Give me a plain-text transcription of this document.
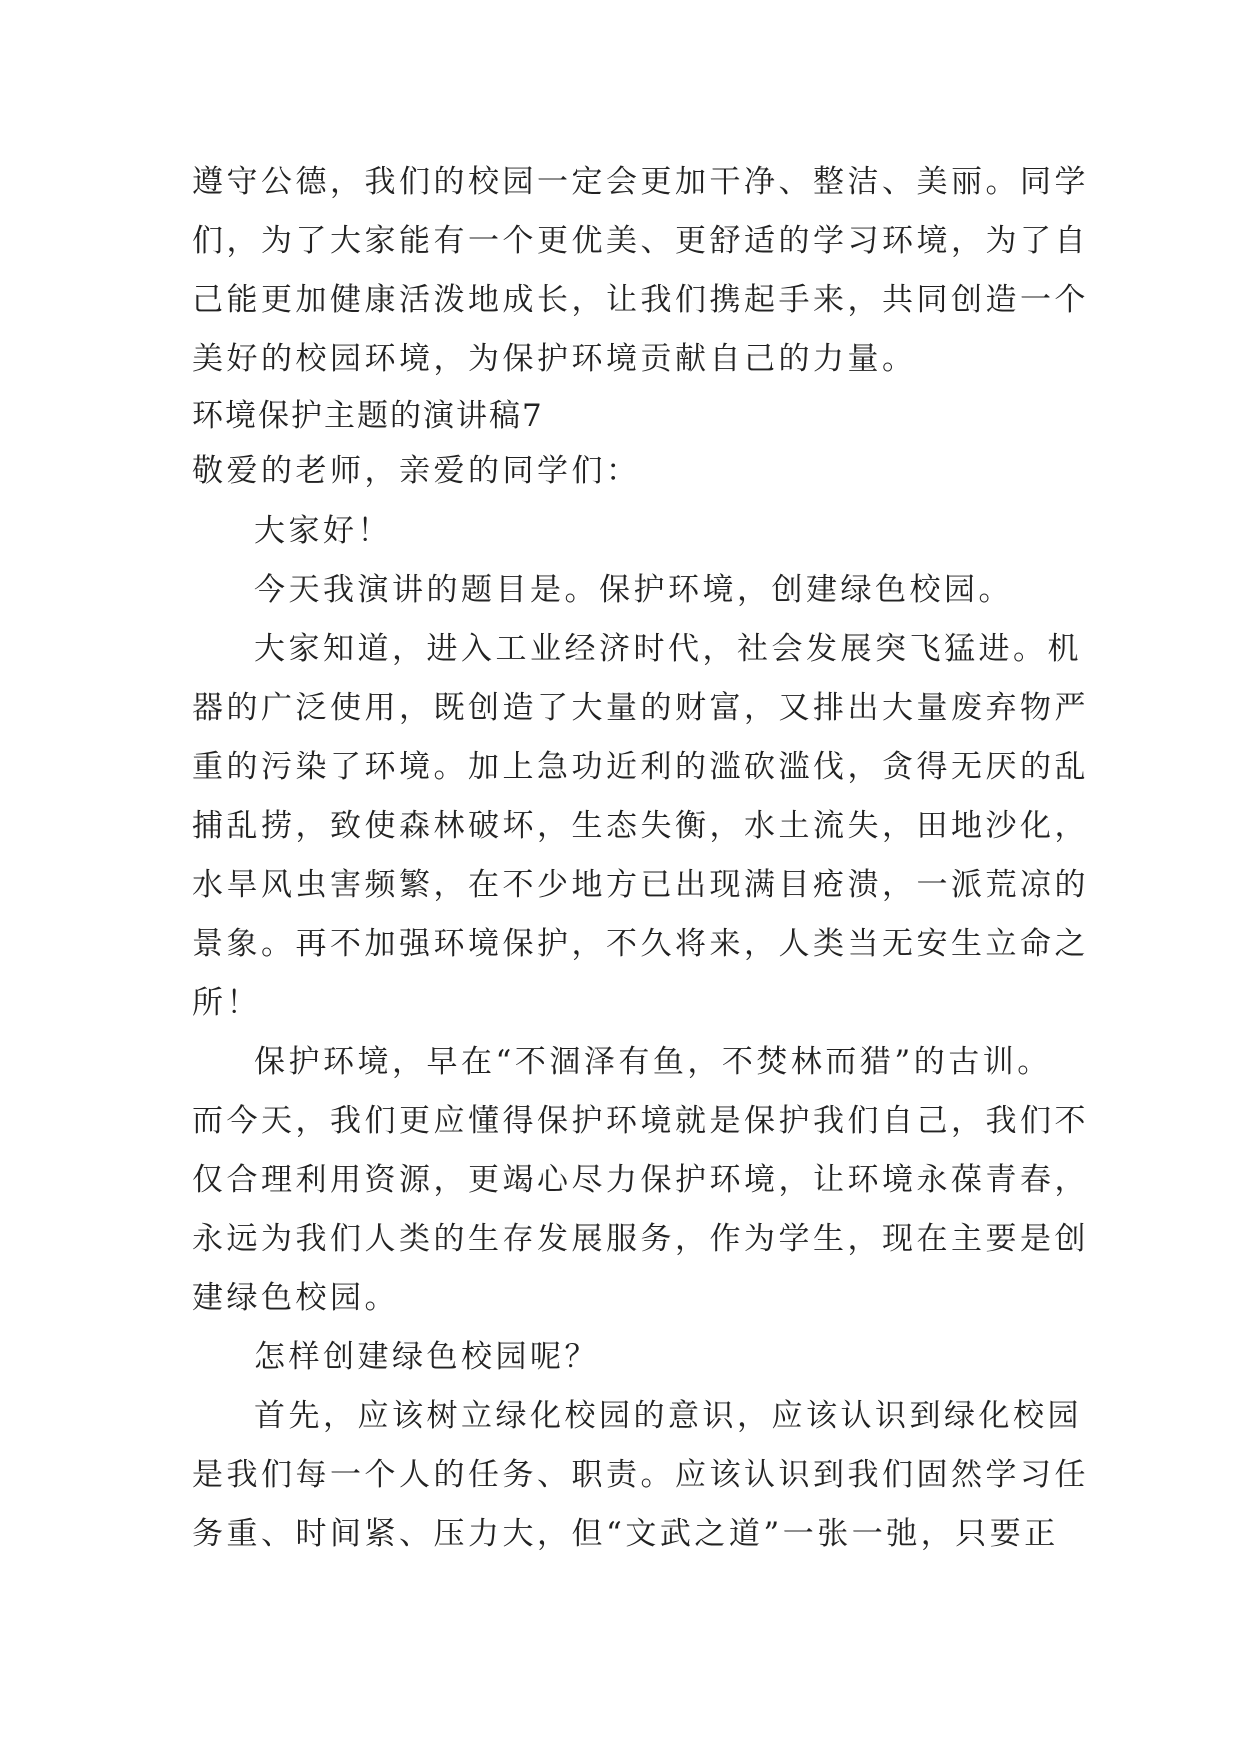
遵守公德，我们的校园一定会更加干净、整洁、美丽。同学
们，为了大家能有一个更优美、更舒适的学习环境，为了自
己能更加健康活泼地成长，让我们携起手来，共同创造一个
美好的校园环境，为保护环境贡献自己的力量。
环境保护主题的演讲稿7
敬爱的老师，亲爱的同学们：
大家好！
今天我演讲的题目是。保护环境，创建绿色校园。
大家知道，进入工业经济时代，社会发展突飞猛进。机
器的广泛使用，既创造了大量的财富，又排出大量废弃物严
重的污染了环境。加上急功近利的滥砍滥伐，贪得无厌的乱
捕乱捞，致使森林破坏，生态失衡，水土流失，田地沙化，
水旱风虫害频繁，在不少地方已出现满目疮溃，一派荒凉的
景象。再不加强环境保护，不久将来，人类当无安生立命之
所！
保护环境，早在“不涸泽有鱼，不焚林而猎”的古训。
而今天，我们更应懂得保护环境就是保护我们自己，我们不
仅合理利用资源，更竭心尽力保护环境，让环境永葆青春，
永远为我们人类的生存发展服务，作为学生，现在主要是创
建绿色校园。
怎样创建绿色校园呢？
首先，应该树立绿化校园的意识，应该认识到绿化校园
是我们每一个人的任务、职责。应该认识到我们固然学习任
务重、时间紧、压力大，但“文武之道”一张一弛，只要正
